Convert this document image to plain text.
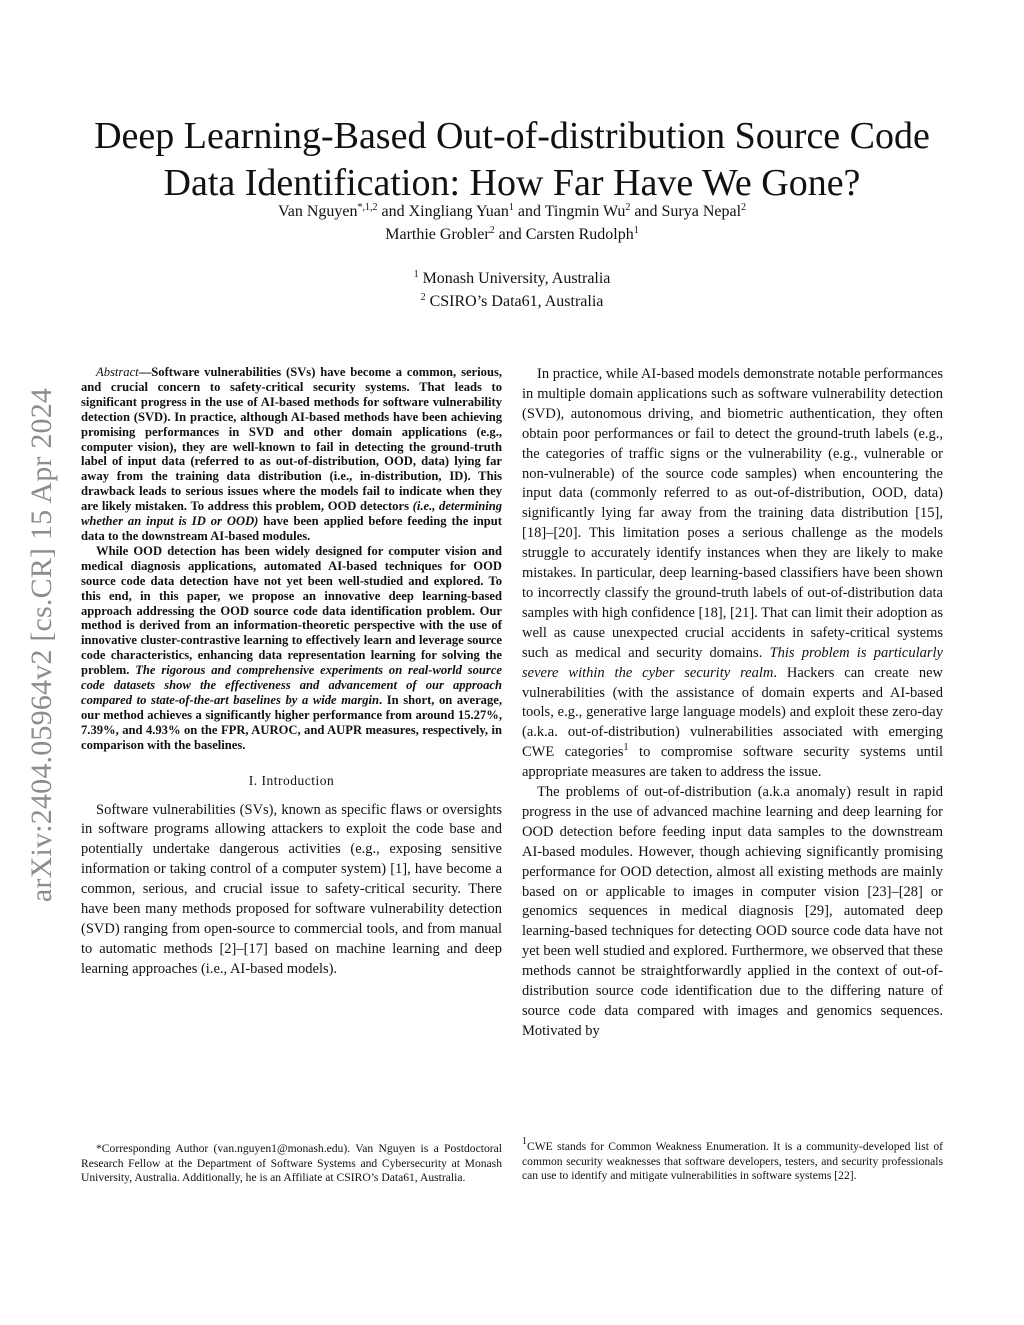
arXiv:2404.05964v2 [cs.CR] 15 Apr 2024
Deep Learning-Based Out-of-distribution Source Code Data Identification: How Far Have We Gone?
Van Nguyen$^{*,1,2}$ and Xingliang Yuan$^1$ and Tingmin Wu$^2$ and Surya Nepal$^2$
Marthie Grobler$^2$ and Carsten Rudolph$^1$
$^1$ Monash University, Australia
$^2$ CSIRO’s Data61, Australia

Abstract—Software vulnerabilities (SVs) have become a common, serious, and crucial concern to safety-critical security systems. That leads to significant progress in the use of AI-based methods for software vulnerability detection (SVD). In practice, although AI-based methods have been achieving promising performances in SVD and other domain applications (e.g., computer vision), they are well-known to fail in detecting the ground-truth label of input data (referred to as out-of-distribution, OOD, data) lying far away from the training data distribution (i.e., in-distribution, ID). This drawback leads to serious issues where the models fail to indicate when they are likely mistaken. To address this problem, OOD detectors (i.e., determining whether an input is ID or OOD) have been applied before feeding the input data to the downstream AI-based modules.

While OOD detection has been widely designed for computer vision and medical diagnosis applications, automated AI-based techniques for OOD source code data detection have not yet been well-studied and explored. To this end, in this paper, we propose an innovative deep learning-based approach addressing the OOD source code data identification problem. Our method is derived from an information-theoretic perspective with the use of innovative cluster-contrastive learning to effectively learn and leverage source code characteristics, enhancing data representation learning for solving the problem. The rigorous and comprehensive experiments on real-world source code datasets show the effectiveness and advancement of our approach compared to state-of-the-art baselines by a wide margin. In short, on average, our method achieves a significantly higher performance from around 15.27%, 7.39%, and 4.93% on the FPR, AUROC, and AUPR measures, respectively, in comparison with the baselines.

I. Introduction

Software vulnerabilities (SVs), known as specific flaws or oversights in software programs allowing attackers to exploit the code base and potentially undertake dangerous activities (e.g., exposing sensitive information or taking control of a computer system) [1], have become a common, serious, and crucial issue to safety-critical security. There have been many methods proposed for software vulnerability detection (SVD) ranging from open-source to commercial tools, and from manual to automatic methods [2]–[17] based on machine learning and deep learning approaches (i.e., AI-based models).

In practice, while AI-based models demonstrate notable performances in multiple domain applications such as software vulnerability detection (SVD), autonomous driving, and biometric authentication, they often obtain poor performances or fail to detect the ground-truth labels (e.g., the categories of traffic signs or the vulnerability (e.g., vulnerable or non-vulnerable) of the source code samples) when encountering the input data (commonly referred to as out-of-distribution, OOD, data) significantly lying far away from the training data distribution [15], [18]–[20]. This limitation poses a serious challenge as the models struggle to accurately identify instances when they are likely to make mistakes. In particular, deep learning-based classifiers have been shown to incorrectly classify the ground-truth labels of out-of-distribution data samples with high confidence [18], [21]. That can limit their adoption as well as cause unexpected crucial accidents in safety-critical systems such as medical and security domains. This problem is particularly severe within the cyber security realm. Hackers can create new vulnerabilities (with the assistance of domain experts and AI-based tools, e.g., generative large language models) and exploit these zero-day (a.k.a. out-of-distribution) vulnerabilities associated with emerging CWE categories$^1$ to compromise software security systems until appropriate measures are taken to address the issue.

The problems of out-of-distribution (a.k.a anomaly) result in rapid progress in the use of advanced machine learning and deep learning for OOD detection before feeding input data samples to the downstream AI-based modules. However, though achieving significantly promising performance for OOD detection, almost all existing methods are mainly based on or applicable to images in computer vision [23]–[28] or genomics sequences in medical diagnosis [29], automated deep learning-based techniques for detecting OOD source code data have not yet been well studied and explored. Furthermore, we observed that these methods cannot be straightforwardly applied in the context of out-of-distribution source code identification due to the differing nature of source code data compared with images and genomics sequences. Motivated by

*Corresponding Author (van.nguyen1@monash.edu). Van Nguyen is a Postdoctoral Research Fellow at the Department of Software Systems and Cybersecurity at Monash University, Australia. Additionally, he is an Affiliate at CSIRO’s Data61, Australia.
$^1$CWE stands for Common Weakness Enumeration. It is a community-developed list of common security weaknesses that software developers, testers, and security professionals can use to identify and mitigate vulnerabilities in software systems [22].
